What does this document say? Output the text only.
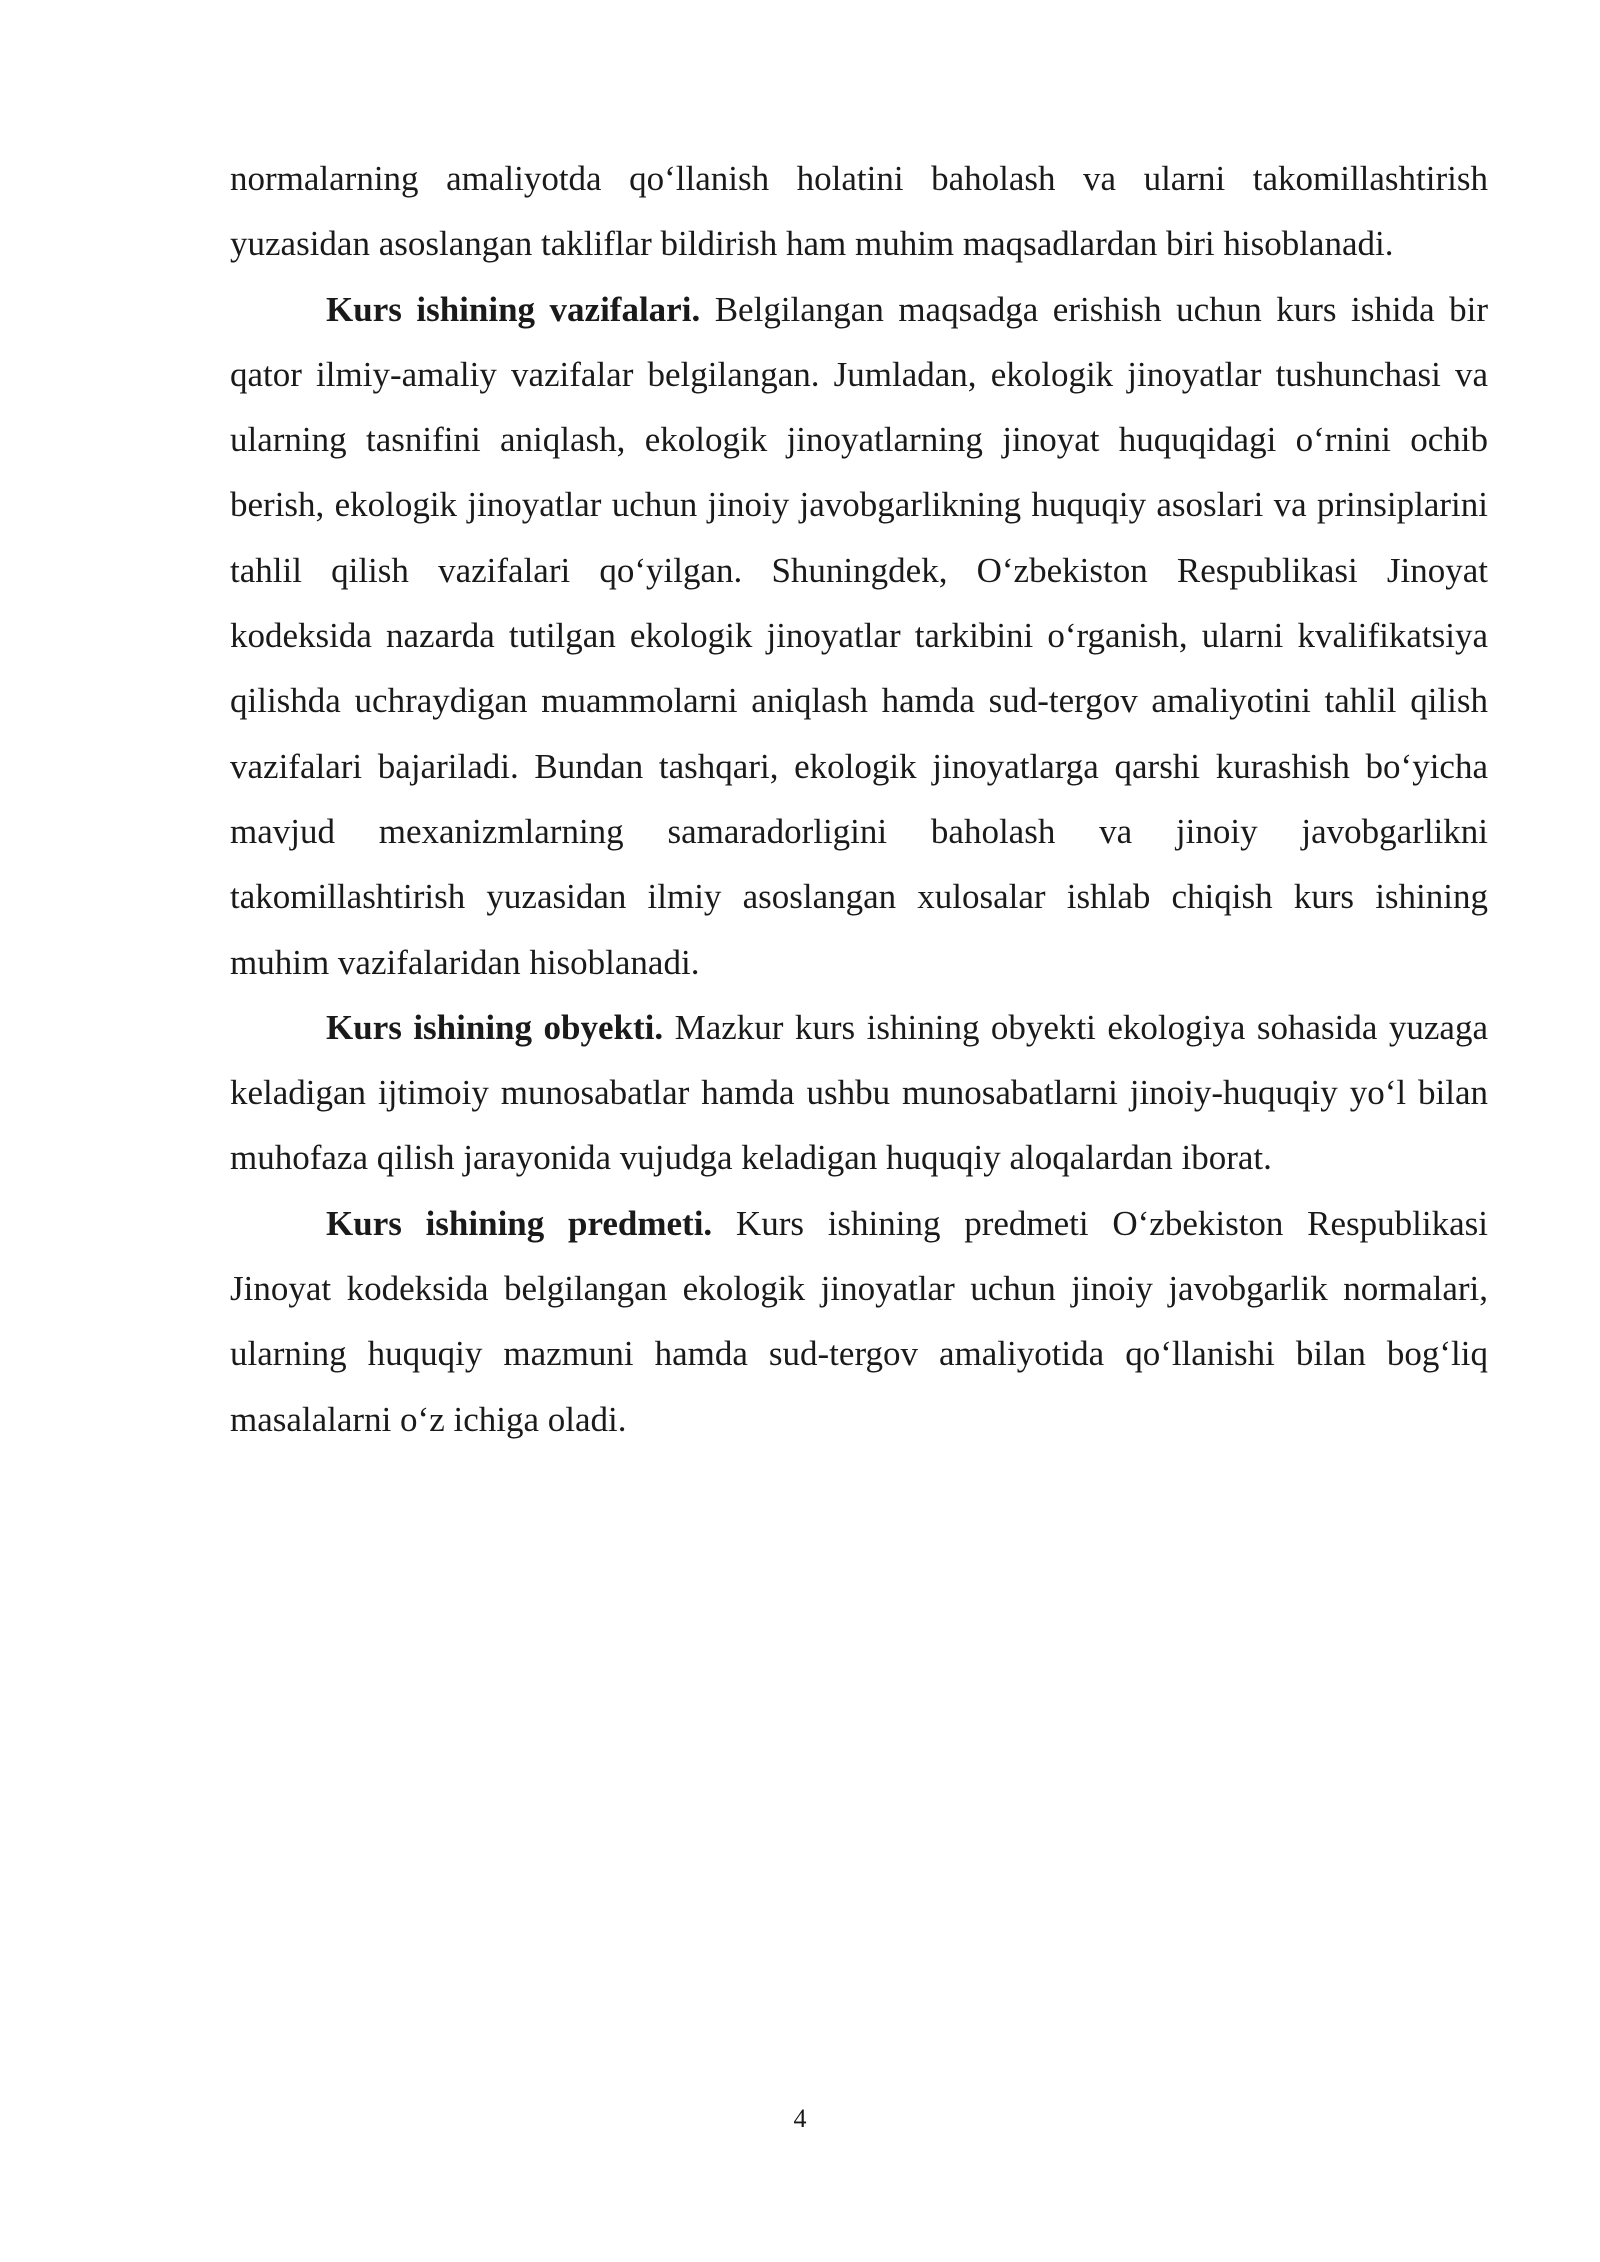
normalarning amaliyotda qo‘llanish holatini baholash va ularni takomillashtirish yuzasidan asoslangan takliflar bildirish ham muhim maqsadlardan biri hisoblanadi.

Kurs ishining vazifalari. Belgilangan maqsadga erishish uchun kurs ishida bir qator ilmiy-amaliy vazifalar belgilangan. Jumladan, ekologik jinoyatlar tushunchasi va ularning tasnifini aniqlash, ekologik jinoyatlarning jinoyat huquqidagi o‘rnini ochib berish, ekologik jinoyatlar uchun jinoiy javobgarlikning huquqiy asoslari va prinsiplarini tahlil qilish vazifalari qo‘yilgan. Shuningdek, O‘zbekiston Respublikasi Jinoyat kodeksida nazarda tutilgan ekologik jinoyatlar tarkibini o‘rganish, ularni kvalifikatsiya qilishda uchraydigan muammolarni aniqlash hamda sud-tergov amaliyotini tahlil qilish vazifalari bajariladi. Bundan tashqari, ekologik jinoyatlarga qarshi kurashish bo‘yicha mavjud mexanizmlarning samaradorligini baholash va jinoiy javobgarlikni takomillashtirish yuzasidan ilmiy asoslangan xulosalar ishlab chiqish kurs ishining muhim vazifalaridan hisoblanadi.

Kurs ishining obyekti. Mazkur kurs ishining obyekti ekologiya sohasida yuzaga keladigan ijtimoiy munosabatlar hamda ushbu munosabatlarni jinoiy-huquqiy yo‘l bilan muhofaza qilish jarayonida vujudga keladigan huquqiy aloqalardan iborat.

Kurs ishining predmeti. Kurs ishining predmeti O‘zbekiston Respublikasi Jinoyat kodeksida belgilangan ekologik jinoyatlar uchun jinoiy javobgarlik normalari, ularning huquqiy mazmuni hamda sud-tergov amaliyotida qo‘llanishi bilan bog‘liq masalalarni o‘z ichiga oladi.

4
